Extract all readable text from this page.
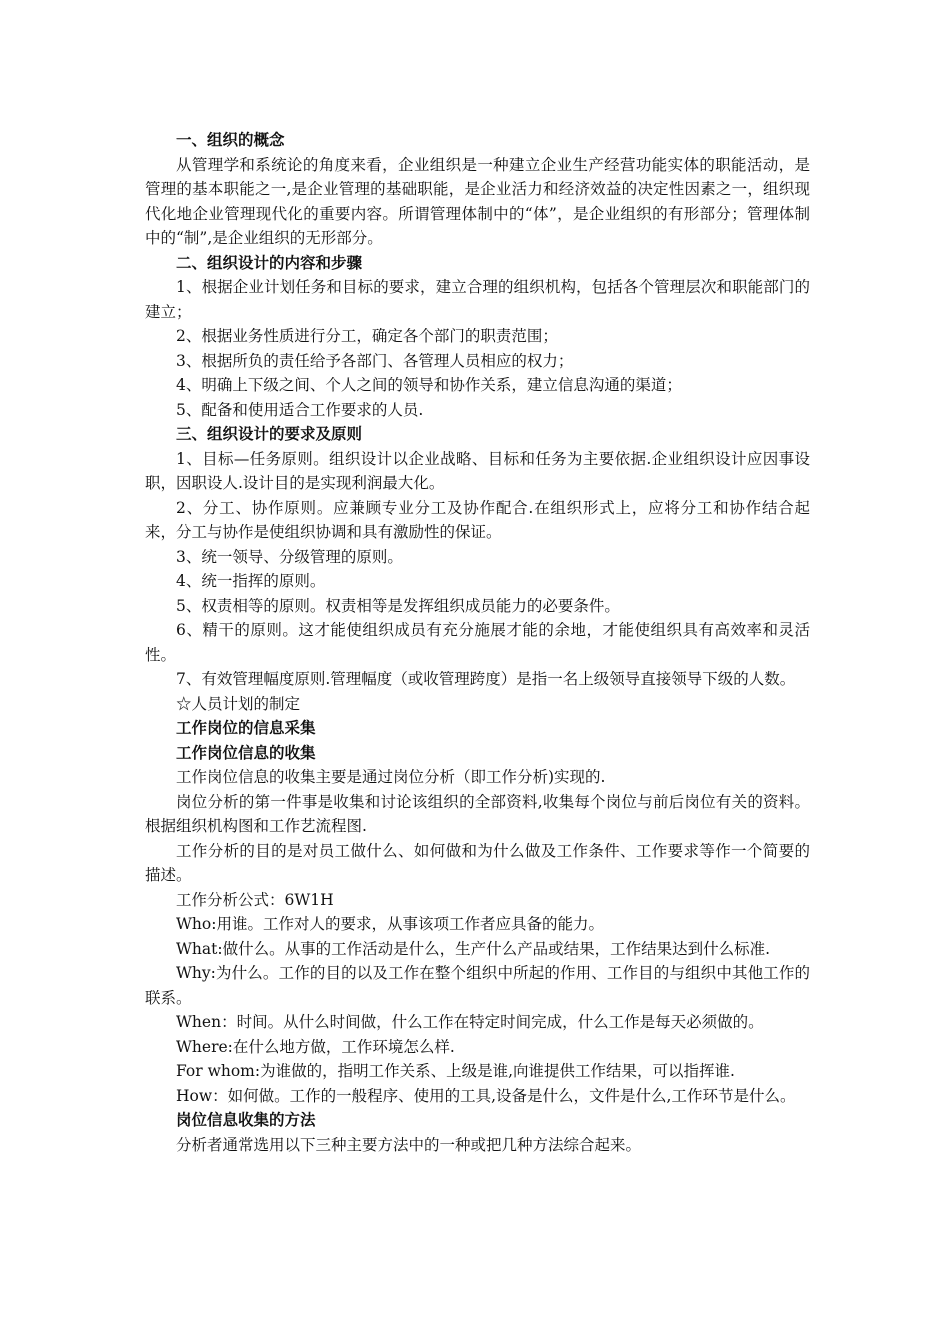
一、组织的概念

从管理学和系统论的角度来看，企业组织是一种建立企业生产经营功能实体的职能活动，是管理的基本职能之一,是企业管理的基础职能，是企业活力和经济效益的决定性因素之一，组织现代化地企业管理现代化的重要内容。所谓管理体制中的“体”，是企业组织的有形部分；管理体制中的“制”,是企业组织的无形部分。

二、组织设计的内容和步骤

1、根据企业计划任务和目标的要求，建立合理的组织机构，包括各个管理层次和职能部门的建立；

2、根据业务性质进行分工，确定各个部门的职责范围；

3、根据所负的责任给予各部门、各管理人员相应的权力；

4、明确上下级之间、个人之间的领导和协作关系，建立信息沟通的渠道；

5、配备和使用适合工作要求的人员.

三、组织设计的要求及原则

1、目标—任务原则。组织设计以企业战略、目标和任务为主要依据.企业组织设计应因事设职，因职设人.设计目的是实现利润最大化。

2、分工、协作原则。应兼顾专业分工及协作配合.在组织形式上，应将分工和协作结合起来，分工与协作是使组织协调和具有激励性的保证。

3、统一领导、分级管理的原则。

4、统一指挥的原则。

5、权责相等的原则。权责相等是发挥组织成员能力的必要条件。

6、精干的原则。这才能使组织成员有充分施展才能的余地，才能使组织具有高效率和灵活性。

7、有效管理幅度原则.管理幅度（或收管理跨度）是指一名上级领导直接领导下级的人数。

☆人员计划的制定

工作岗位的信息采集

工作岗位信息的收集

工作岗位信息的收集主要是通过岗位分析（即工作分析)实现的.

岗位分析的第一件事是收集和讨论该组织的全部资料,收集每个岗位与前后岗位有关的资料。根据组织机构图和工作艺流程图.

工作分析的目的是对员工做什么、如何做和为什么做及工作条件、工作要求等作一个简要的描述。

工作分析公式：6W1H

Who:用谁。工作对人的要求，从事该项工作者应具备的能力。

What:做什么。从事的工作活动是什么，生产什么产品或结果，工作结果达到什么标准.

Why:为什么。工作的目的以及工作在整个组织中所起的作用、工作目的与组织中其他工作的联系。

When：时间。从什么时间做，什么工作在特定时间完成，什么工作是每天必须做的。

Where:在什么地方做，工作环境怎么样.

For whom:为谁做的，指明工作关系、上级是谁,向谁提供工作结果，可以指挥谁.

How：如何做。工作的一般程序、使用的工具,设备是什么，文件是什么,工作环节是什么。

岗位信息收集的方法

分析者通常选用以下三种主要方法中的一种或把几种方法综合起来。
